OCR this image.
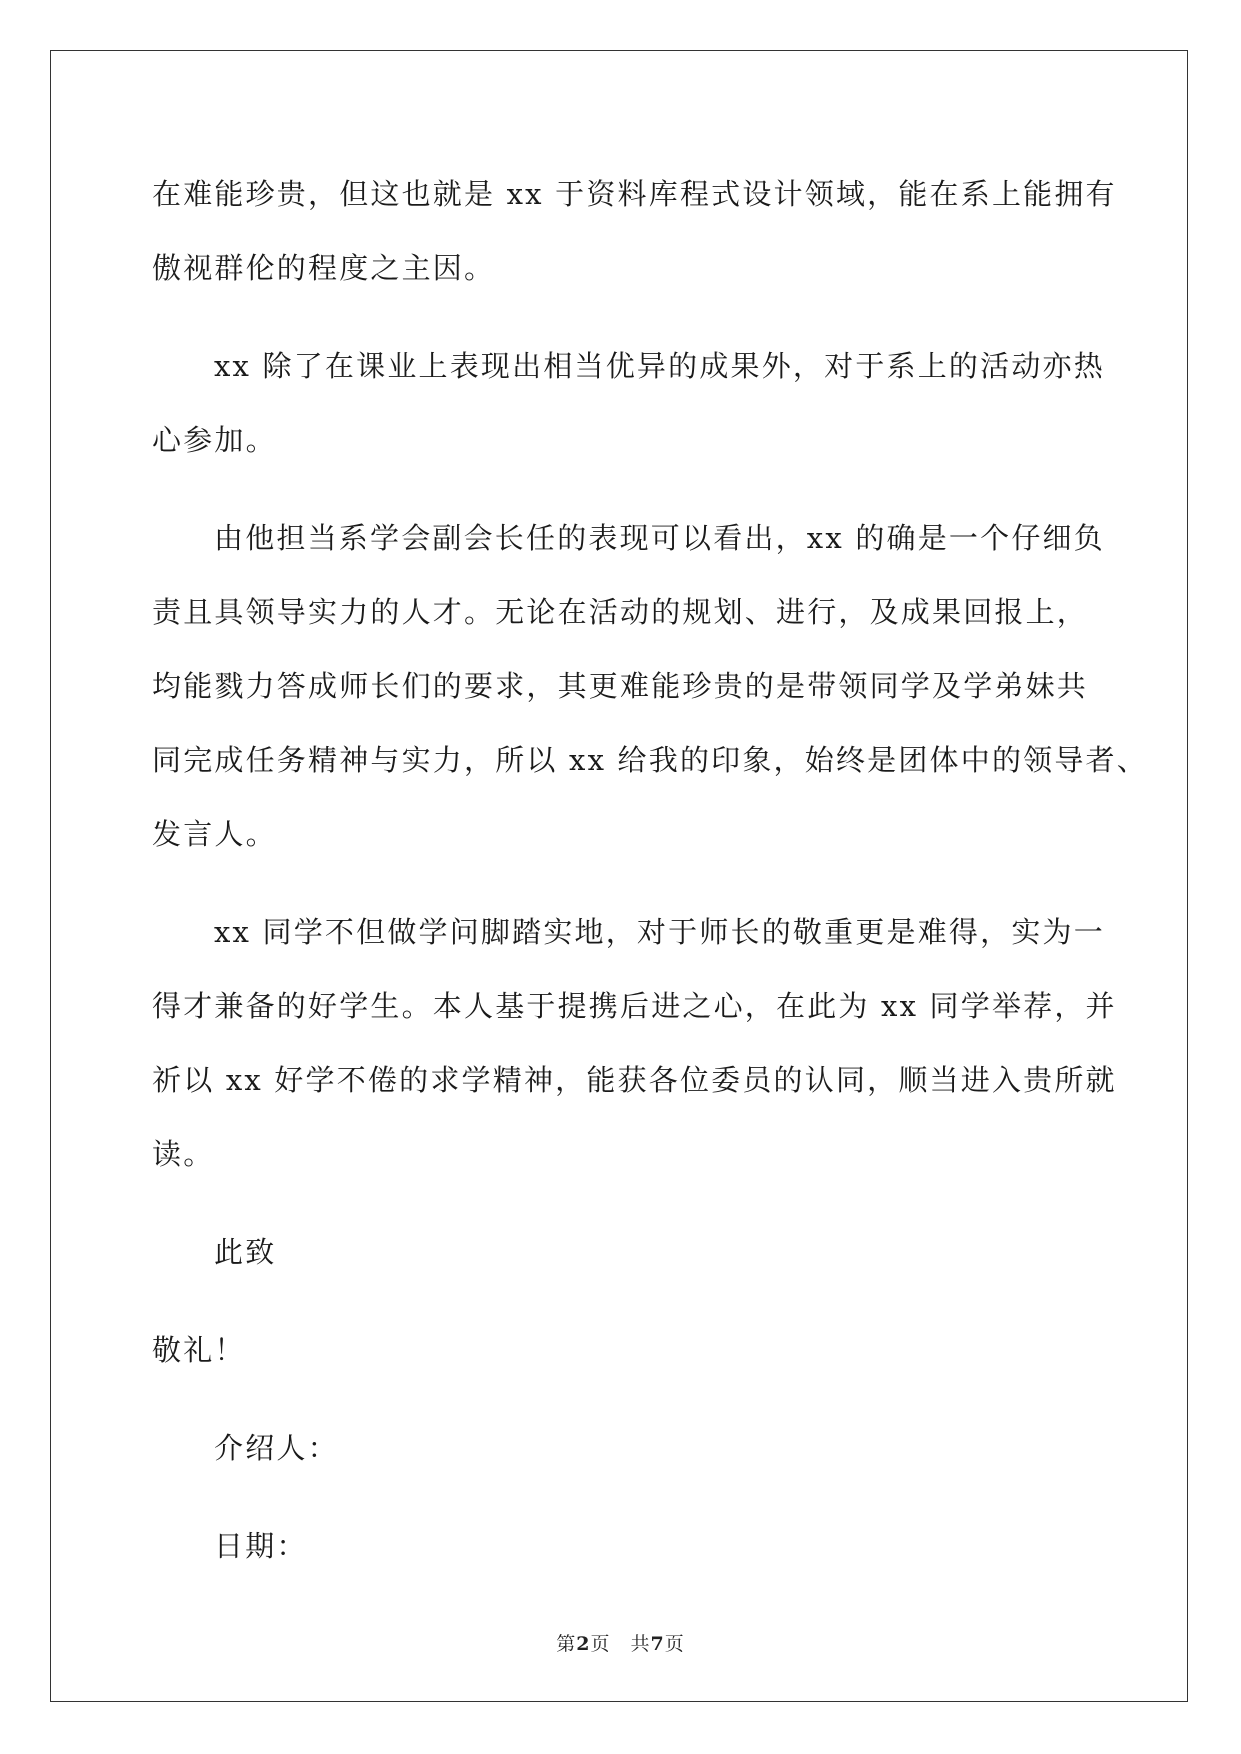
在难能珍贵，但这也就是 xx 于资料库程式设计领域，能在系上能拥有
傲视群伦的程度之主因。
xx 除了在课业上表现出相当优异的成果外，对于系上的活动亦热
心参加。
由他担当系学会副会长任的表现可以看出，xx 的确是一个仔细负
责且具领导实力的人才。无论在活动的规划、进行，及成果回报上，
均能戮力答成师长们的要求，其更难能珍贵的是带领同学及学弟妹共
同完成任务精神与实力，所以 xx 给我的印象，始终是团体中的领导者、
发言人。
xx 同学不但做学问脚踏实地，对于师长的敬重更是难得，实为一
得才兼备的好学生。本人基于提携后进之心，在此为 xx 同学举荐，并
祈以 xx 好学不倦的求学精神，能获各位委员的认同，顺当进入贵所就
读。
此致
敬礼！
介绍人：
日期：
第2页　共7页
